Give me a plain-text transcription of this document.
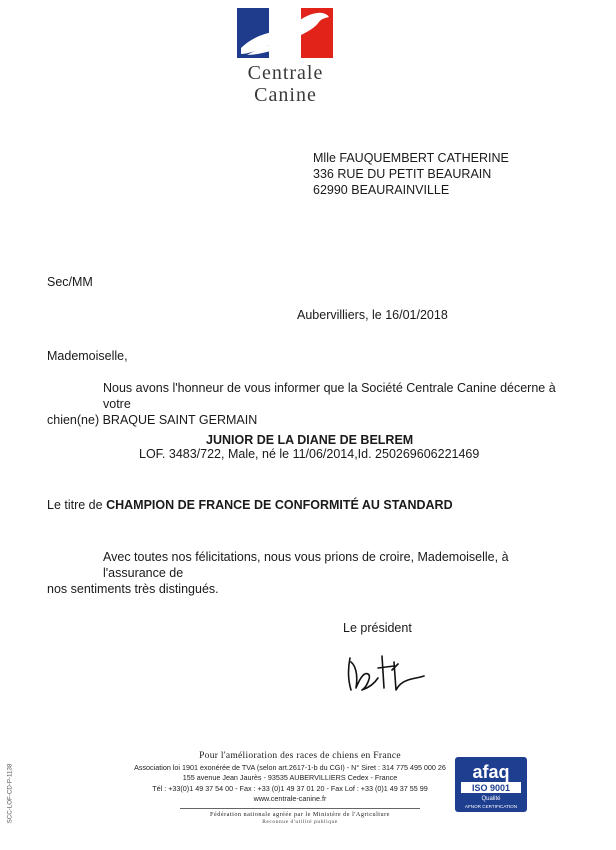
Centrale
Canine
Mlle FAUQUEMBERT CATHERINE
336 RUE DU PETIT BEAURAIN
62990 BEAURAINVILLE
Sec/MM
Aubervilliers, le 16/01/2018
Mademoiselle,
Nous avons l'honneur de vous informer que la Société Centrale Canine décerne à votre
chien(ne) BRAQUE SAINT GERMAIN
JUNIOR DE LA DIANE DE BELREM
LOF. 3483/722, Male, né le 11/06/2014,Id. 250269606221469
Le titre de CHAMPION DE FRANCE DE CONFORMITÉ AU STANDARD
Avec toutes nos félicitations, nous vous prions de croire, Mademoiselle, à l'assurance de
nos sentiments très distingués.
Le président
Pour l'amélioration des races de chiens en France
Association loi 1901 exonérée de TVA (selon art.2617-1-b du CGI) - N° Siret : 314 775 495 000 26
155 avenue Jean Jaurès - 93535 AUBERVILLIERS Cedex - France
Tél : +33(0)1 49 37 54 00 - Fax : +33 (0)1 49 37 01 20 - Fax Lof : +33 (0)1 49 37 55 99
www.centrale-canine.fr
Fédération nationale agréée par le Ministère de l'Agriculture
Reconnue d'utilité publique
afaq
ISO 9001
Qualité
AFNOR CERTIFICATION
SCC-LOF-CD-P-1138
